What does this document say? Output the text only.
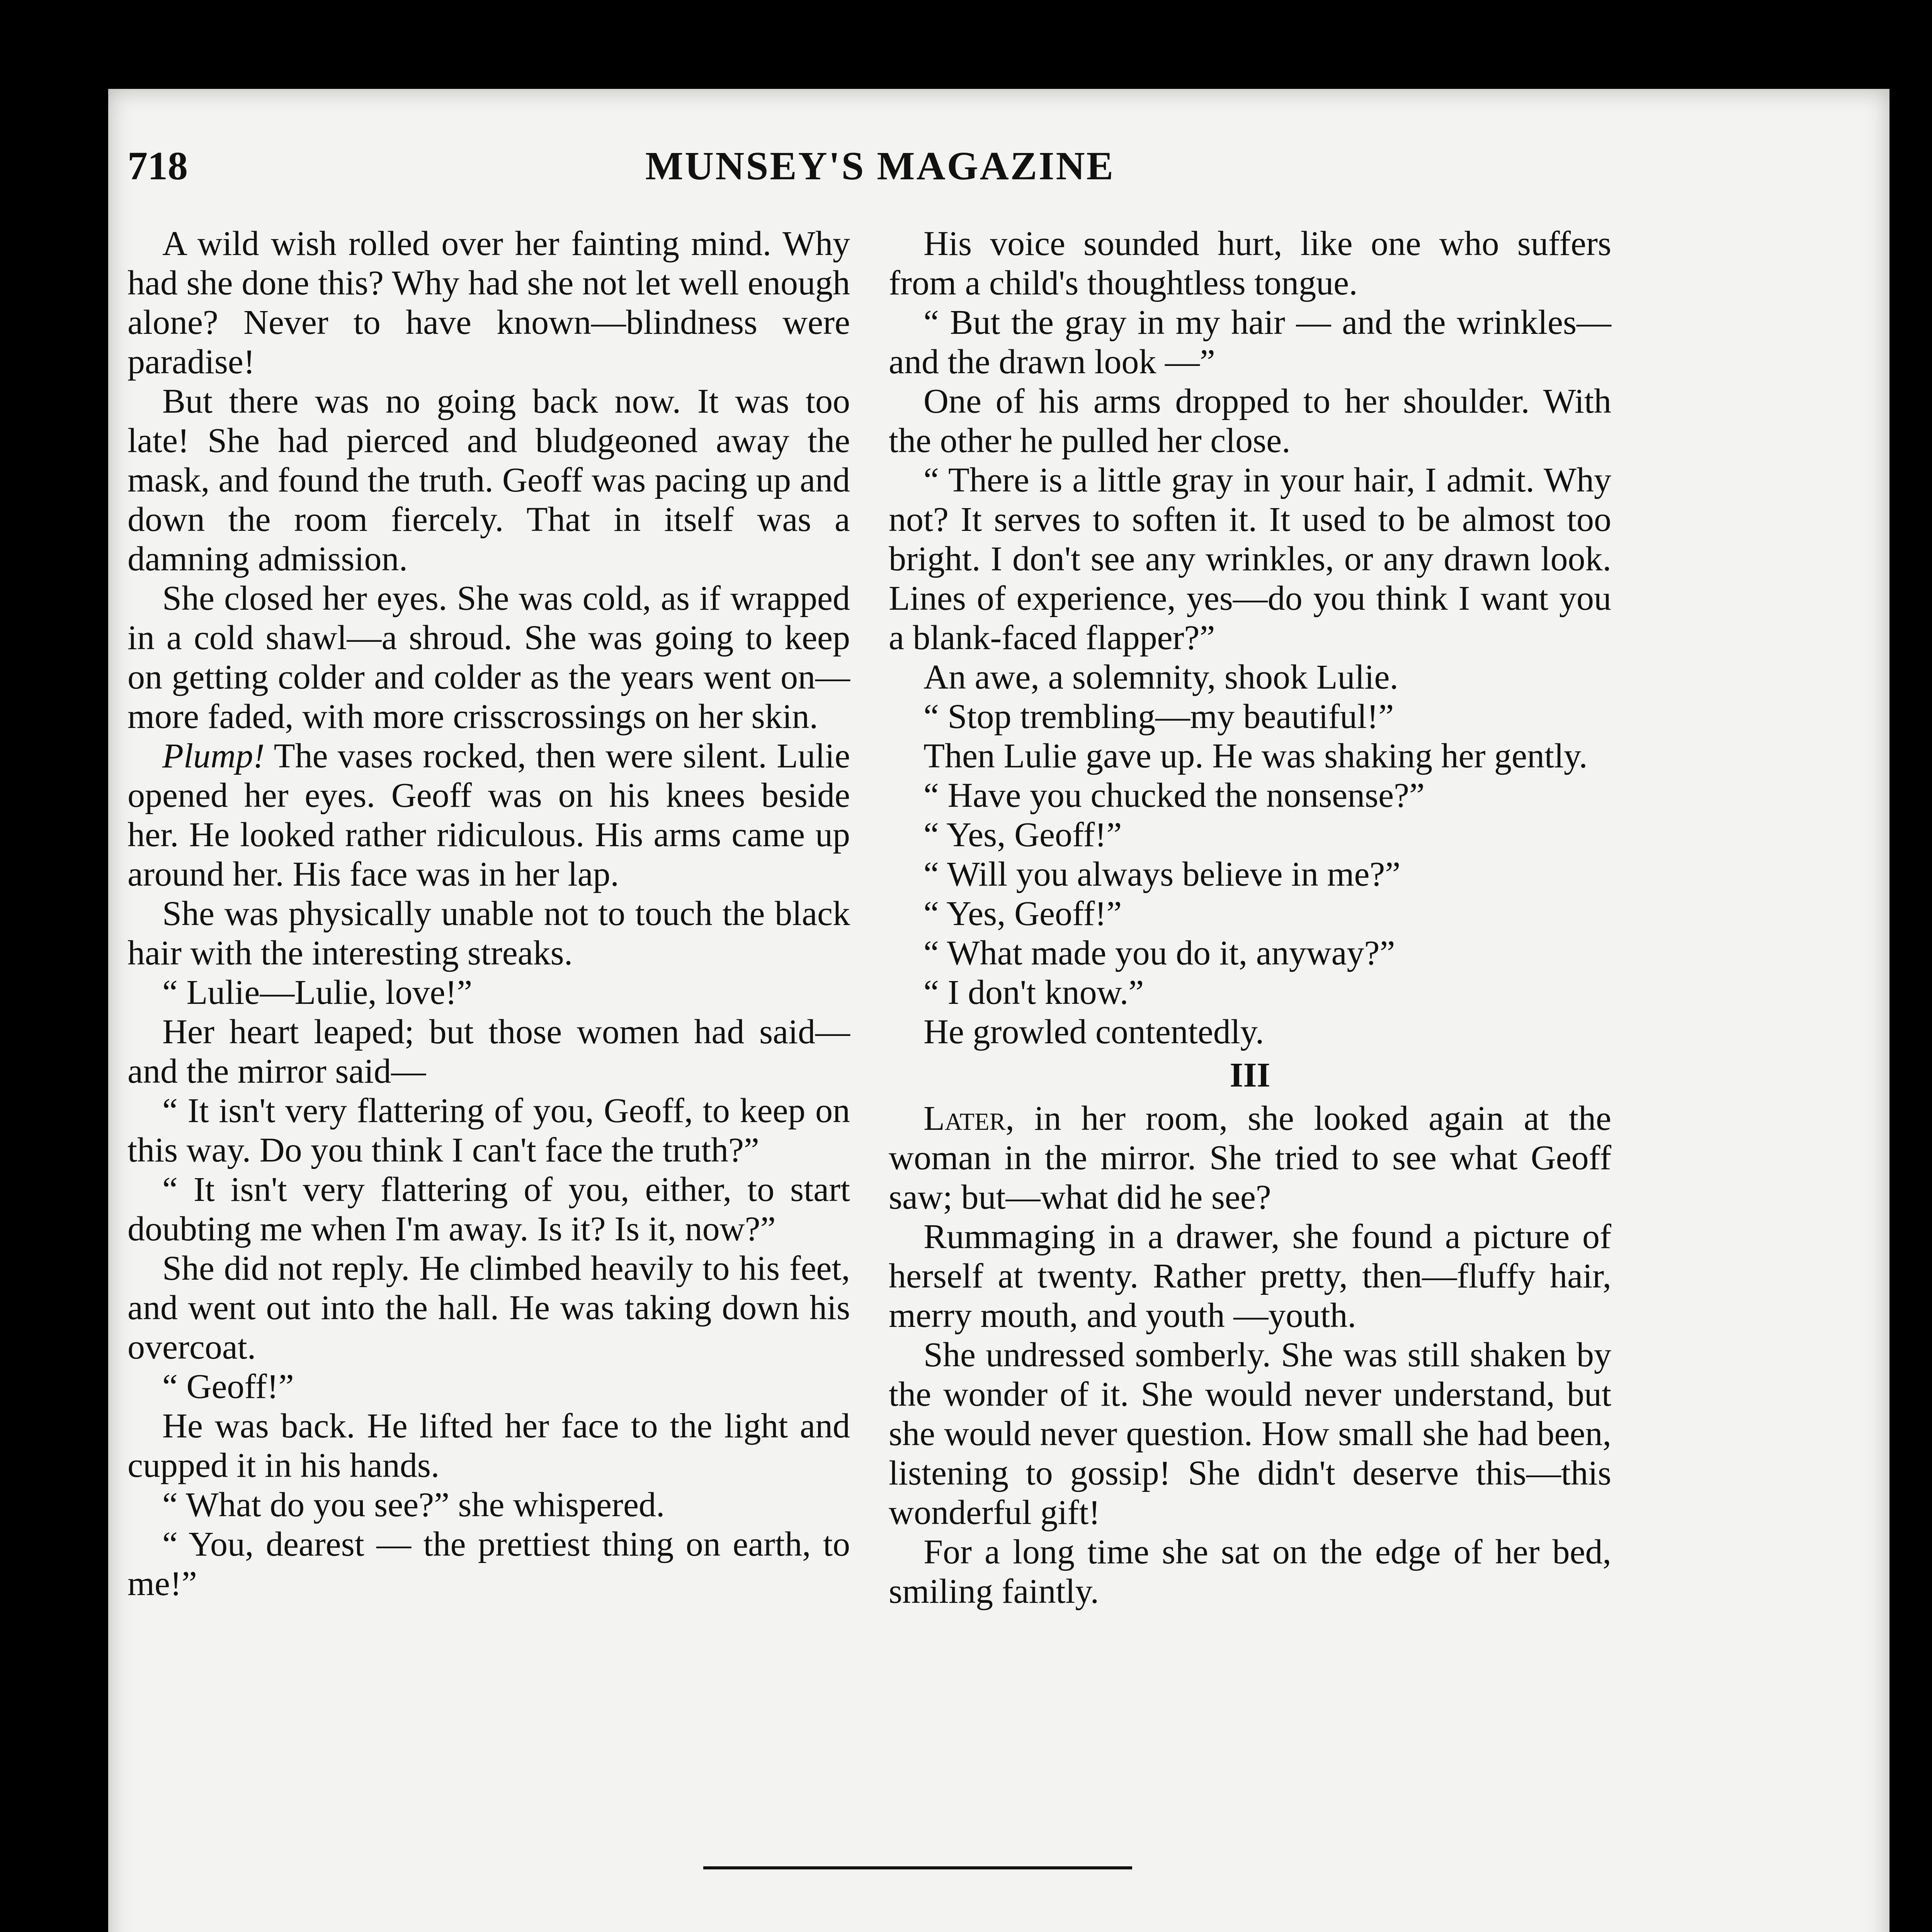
718	MUNSEY'S MAGAZINE

A wild wish rolled over her fainting mind. Why had she done this? Why had she not let well enough alone? Never to have known—blindness were paradise!

But there was no going back now. It was too late! She had pierced and bludgeoned away the mask, and found the truth. Geoff was pacing up and down the room fiercely. That in itself was a damning admission.

She closed her eyes. She was cold, as if wrapped in a cold shawl—a shroud. She was going to keep on getting colder and colder as the years went on—more faded, with more crisscrossings on her skin.

Plump! The vases rocked, then were silent. Lulie opened her eyes. Geoff was on his knees beside her. He looked rather ridiculous. His arms came up around her. His face was in her lap.

She was physically unable not to touch the black hair with the interesting streaks.

“ Lulie—Lulie, love!”

Her heart leaped; but those women had said—and the mirror said—

“ It isn't very flattering of you, Geoff, to keep on this way. Do you think I can't face the truth?”

“ It isn't very flattering of you, either, to start doubting me when I'm away. Is it? Is it, now?”

She did not reply. He climbed heavily to his feet, and went out into the hall. He was taking down his overcoat.

“ Geoff!”

He was back. He lifted her face to the light and cupped it in his hands.

“ What do you see?” she whispered.

“ You, dearest — the prettiest thing on earth, to me!”

His voice sounded hurt, like one who suffers from a child's thoughtless tongue.

“ But the gray in my hair — and the wrinkles—and the drawn look —”

One of his arms dropped to her shoulder. With the other he pulled her close.

“ There is a little gray in your hair, I admit. Why not? It serves to soften it. It used to be almost too bright. I don't see any wrinkles, or any drawn look. Lines of experience, yes—do you think I want you a blank-faced flapper?”

An awe, a solemnity, shook Lulie.

“ Stop trembling—my beautiful!”

Then Lulie gave up. He was shaking her gently.

“ Have you chucked the nonsense?”

“ Yes, Geoff!”

“ Will you always believe in me?”

“ Yes, Geoff!”

“ What made you do it, anyway?”

“ I don't know.”

He growled contentedly.

III

Later, in her room, she looked again at the woman in the mirror. She tried to see what Geoff saw; but—what did he see?

Rummaging in a drawer, she found a picture of herself at twenty. Rather pretty, then—fluffy hair, merry mouth, and youth —youth.

She undressed somberly. She was still shaken by the wonder of it. She would never understand, but she would never question. How small she had been, listening to gossip! She didn't deserve this—this wonderful gift!

For a long time she sat on the edge of her bed, smiling faintly.
